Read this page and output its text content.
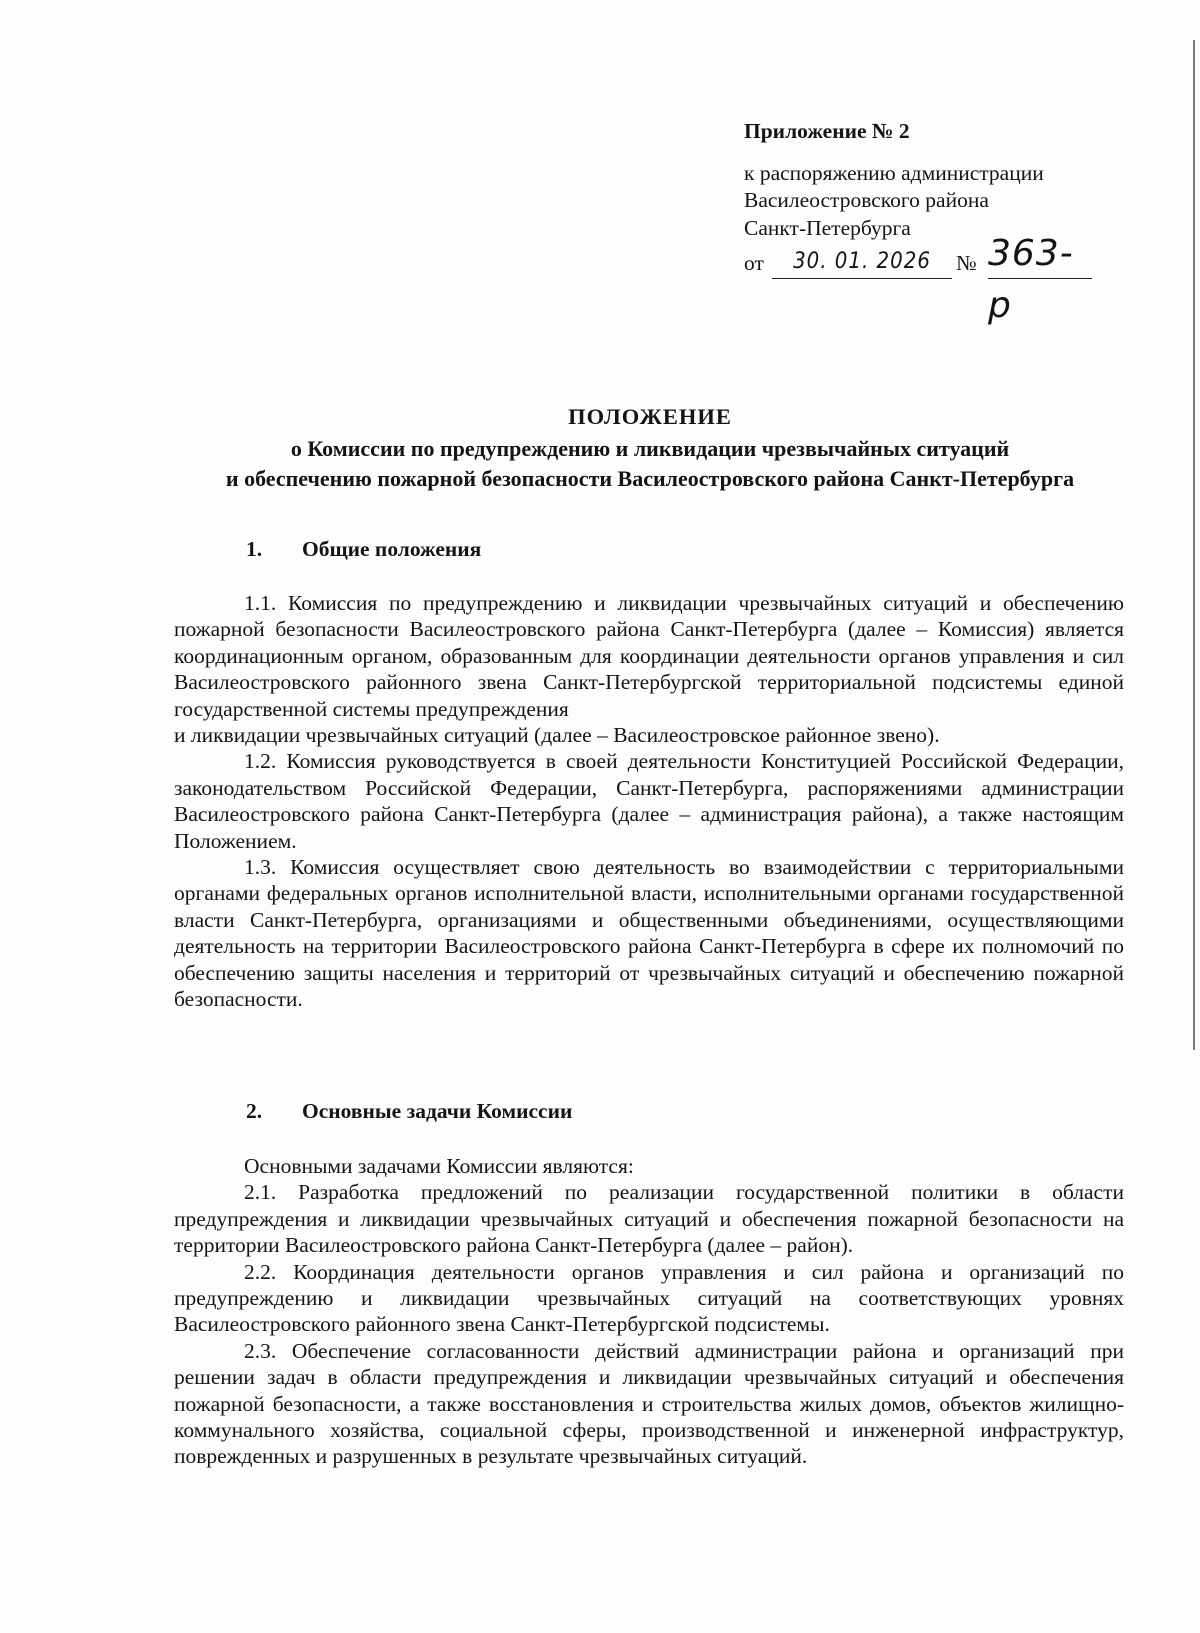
Приложение № 2
к распоряжению администрации
Василеостровского района
Санкт-Петербурга
от	30. 01. 2026	№ 363-р
ПОЛОЖЕНИЕ
о Комиссии по предупреждению и ликвидации чрезвычайных ситуаций
и обеспечению пожарной безопасности Василеостровского района Санкт-Петербурга
1. Общие положения

1.1. Комиссия по предупреждению и ликвидации чрезвычайных ситуаций и обеспечению пожарной безопасности Василеостровского района Санкт-Петербурга (далее – Комиссия) является координационным органом, образованным для координации деятельности органов управления и сил Василеостровского районного звена Санкт-Петербургской территориальной подсистемы единой государственной системы предупреждения

и ликвидации чрезвычайных ситуаций (далее – Василеостровское районное звено).

1.2. Комиссия руководствуется в своей деятельности Конституцией Российской Федерации, законодательством Российской Федерации, Санкт-Петербурга, распоряжениями администрации Василеостровского района Санкт-Петербурга (далее – администрация района), а также настоящим Положением.

1.3. Комиссия осуществляет свою деятельность во взаимодействии с территориальными органами федеральных органов исполнительной власти, исполнительными органами государственной власти Санкт-Петербурга, организациями и общественными объединениями, осуществляющими деятельность на территории Василеостровского района Санкт-Петербурга в сфере их полномочий по обеспечению защиты населения и территорий от чрезвычайных ситуаций и обеспечению пожарной безопасности.

2. Основные задачи Комиссии

Основными задачами Комиссии являются:

2.1. Разработка предложений по реализации государственной политики в области предупреждения и ликвидации чрезвычайных ситуаций и обеспечения пожарной безопасности на территории Василеостровского района Санкт-Петербурга (далее – район).

2.2. Координация деятельности органов управления и сил района и организаций по предупреждению и ликвидации чрезвычайных ситуаций на соответствующих уровнях Василеостровского районного звена Санкт-Петербургской подсистемы.

2.3. Обеспечение согласованности действий администрации района и организаций при решении задач в области предупреждения и ликвидации чрезвычайных ситуаций и обеспечения пожарной безопасности, а также восстановления и строительства жилых домов, объектов жилищно-коммунального хозяйства, социальной сферы, производственной и инженерной инфраструктур, поврежденных и разрушенных в результате чрезвычайных ситуаций.
